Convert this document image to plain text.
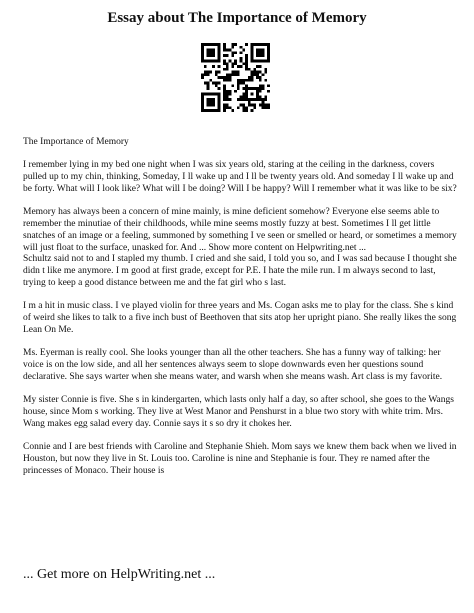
Essay about The Importance of Memory

The Importance of Memory

I remember lying in my bed one night when I was six years old, staring at the ceiling in the darkness, covers pulled up to my chin, thinking, Someday, I ll wake up and I ll be twenty years old. And someday I ll wake up and be forty. What will I look like? What will I be doing? Will I be happy? Will I remember what it was like to be six?

Memory has always been a concern of mine mainly, is mine deficient somehow? Everyone else seems able to remember the minutiae of their childhoods, while mine seems mostly fuzzy at best. Sometimes I ll get little snatches of an image or a feeling, summoned by something I ve seen or smelled or heard, or sometimes a memory will just float to the surface, unasked for. And ... Show more content on Helpwriting.net ...

Schultz said not to and I stapled my thumb. I cried and she said, I told you so, and I was sad because I thought she didn t like me anymore. I m good at first grade, except for P.E. I hate the mile run. I m always second to last, trying to keep a good distance between me and the fat girl who s last.

I m a hit in music class. I ve played violin for three years and Ms. Cogan asks me to play for the class. She s kind of weird she likes to talk to a five inch bust of Beethoven that sits atop her upright piano. She really likes the song Lean On Me.

Ms. Eyerman is really cool. She looks younger than all the other teachers. She has a funny way of talking: her voice is on the low side, and all her sentences always seem to slope downwards even her questions sound declarative. She says warter when she means water, and warsh when she means wash. Art class is my favorite.

My sister Connie is five. She s in kindergarten, which lasts only half a day, so after school, she goes to the Wangs house, since Mom s working. They live at West Manor and Penshurst in a blue two story with white trim. Mrs. Wang makes egg salad every day. Connie says it s so dry it chokes her.

Connie and I are best friends with Caroline and Stephanie Shieh. Mom says we knew them back when we lived in Houston, but now they live in St. Louis too. Caroline is nine and Stephanie is four. They re named after the princesses of Monaco. Their house is

... Get more on HelpWriting.net ...
